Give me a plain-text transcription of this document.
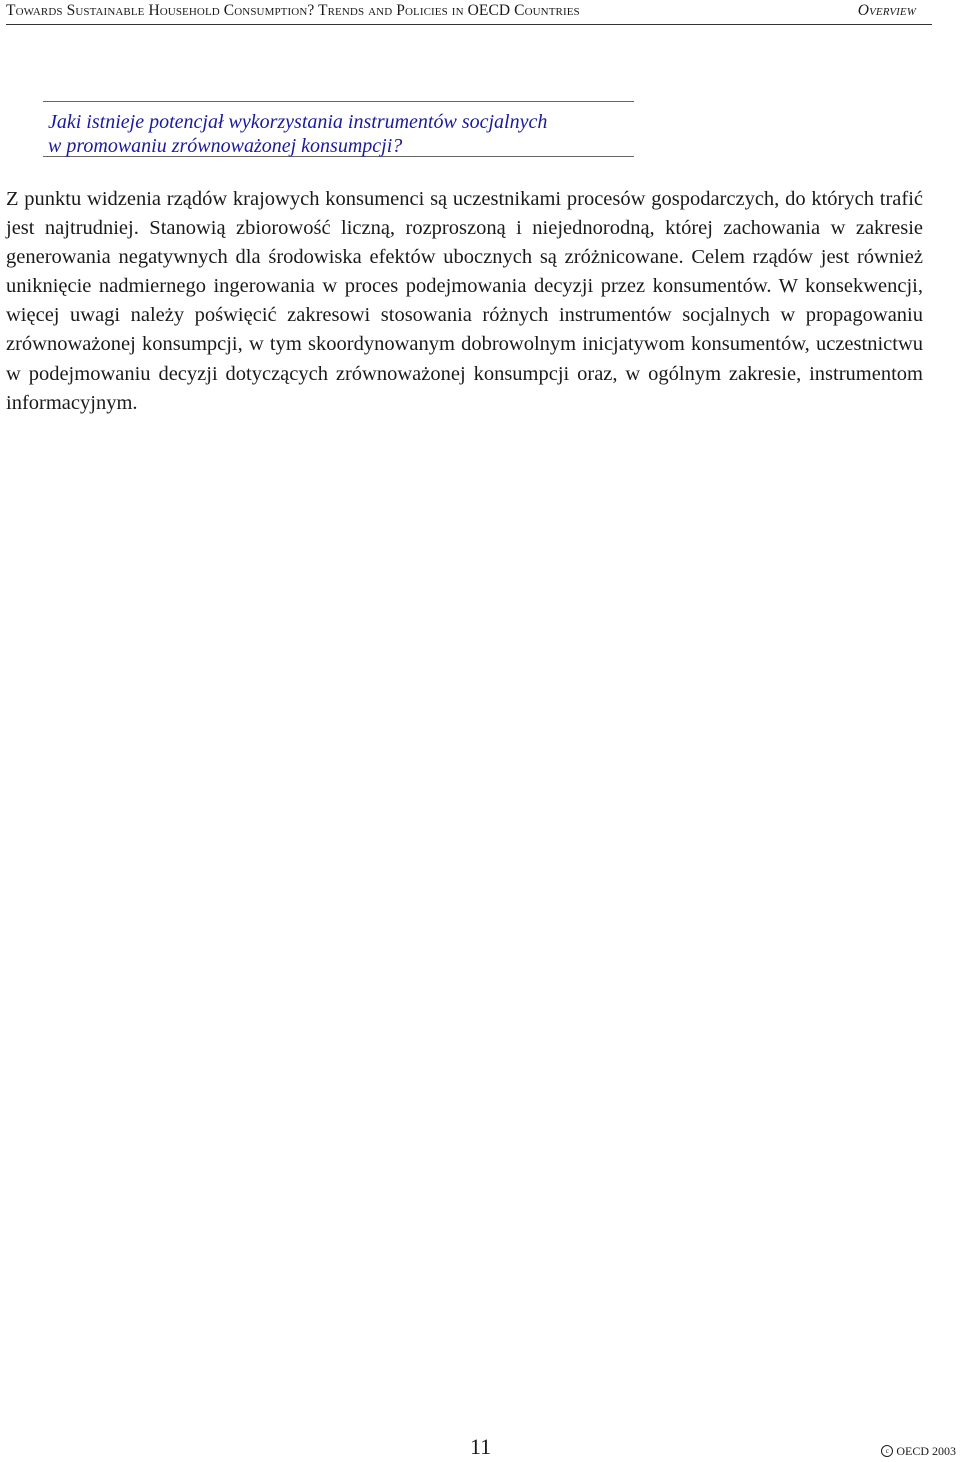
Towards Sustainable Household Consumption? Trends and Policies in OECD Countries	Overview
Jaki istnieje potencjał wykorzystania instrumentów socjalnych
w promowaniu zrównoważonej konsumpcji?

Z punktu widzenia rządów krajowych konsumenci są uczestnikami procesów gospodarczych, do których trafić jest najtrudniej. Stanowią zbiorowość liczną, rozproszoną i niejednorodną, której zachowania w zakresie generowania negatywnych dla środowiska efektów ubocznych są zróżnicowane. Celem rządów jest również uniknięcie nadmiernego ingerowania w proces podejmowania decyzji przez konsumentów. W konsekwencji, więcej uwagi należy poświęcić zakresowi stosowania różnych instrumentów socjalnych w propagowaniu zrównoważonej konsumpcji, w tym skoordynowanym dobrowolnym inicjatywom konsumentów, uczestnictwu w podejmowaniu decyzji dotyczących zrównoważonej konsumpcji oraz, w ogólnym zakresie, instrumentom informacyjnym.

11	c OECD 2003
